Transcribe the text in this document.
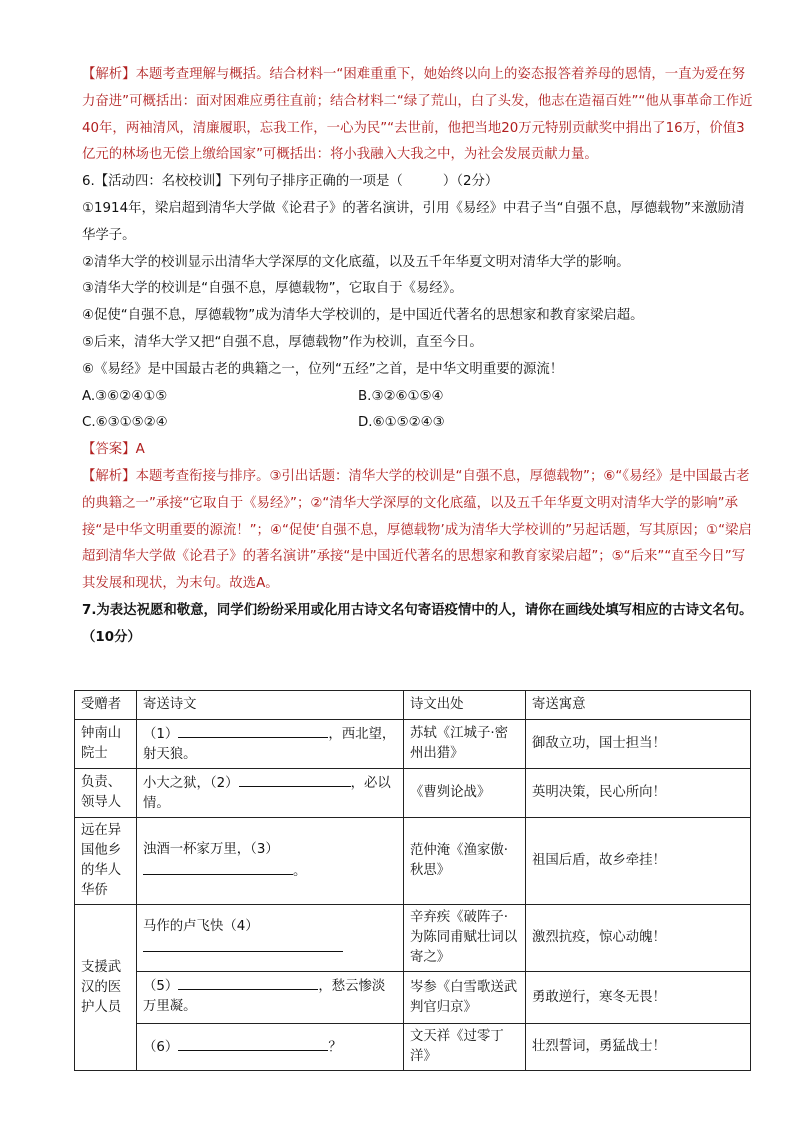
【解析】本题考查理解与概括。结合材料一“困难重重下，她始终以向上的姿态报答着养母的恩情，一直为爱在努力奋进”可概括出：面对困难应勇往直前；结合材料二“绿了荒山，白了头发，他志在造福百姓”“他从事革命工作近40年，两袖清风，清廉履职，忘我工作，一心为民”“去世前，他把当地20万元特别贡献奖中捐出了16万，价值3亿元的林场也无偿上缴给国家”可概括出：将小我融入大我之中，为社会发展贡献力量。

6.【活动四：名校校训】下列句子排序正确的一项是（　　　）（2分）

①1914年，梁启超到清华大学做《论君子》的著名演讲，引用《易经》中君子当“自强不息，厚德载物”来激励清华学子。

②清华大学的校训显示出清华大学深厚的文化底蕴，以及五千年华夏文明对清华大学的影响。

③清华大学的校训是“自强不息，厚德载物”，它取自于《易经》。

④促使“自强不息，厚德载物”成为清华大学校训的，是中国近代著名的思想家和教育家梁启超。

⑤后来，清华大学又把“自强不息，厚德载物”作为校训，直至今日。

⑥《易经》是中国最古老的典籍之一，位列“五经”之首，是中华文明重要的源流！

A.③⑥②④①⑤	B.③②⑥①⑤④
C.⑥③①⑤②④	D.⑥①⑤②④③

【答案】A

【解析】本题考查衔接与排序。③引出话题：清华大学的校训是“自强不息，厚德载物”；⑥“《易经》是中国最古老的典籍之一”承接“它取自于《易经》”；②“清华大学深厚的文化底蕴，以及五千年华夏文明对清华大学的影响”承接“是中华文明重要的源流！”；④“促使‘自强不息，厚德载物’成为清华大学校训的”另起话题，写其原因；①“梁启超到清华大学做《论君子》的著名演讲”承接“是中国近代著名的思想家和教育家梁启超”；⑤“后来”“直至今日”写其发展和现状，为末句。故选A。

7.为表达祝愿和敬意，同学们纷纷采用或化用古诗文名句寄语疫情中的人，请你在画线处填写相应的古诗文名句。（10分）

受赠者	寄送诗文	诗文出处	寄送寓意
钟南山院士	（1） ，西北望，射天狼。	苏轼《江城子·密州出猎》	御敌立功，国士担当！
负责、领导人	小大之狱，（2） ，必以情。	《曹刿论战》	英明决策，民心所向！
远在异国他乡的华人华侨	浊酒一杯家万里，（3）。	范仲淹《渔家傲·秋思》	祖国后盾，故乡牵挂！
支援武汉的医护人员	马作的卢飞快（4）	辛弃疾《破阵子·为陈同甫赋壮词以寄之》	激烈抗疫，惊心动魄！
	（5） ，愁云惨淡万里凝。	岑参《白雪歌送武判官归京》	勇敢逆行，寒冬无畏！
	（6） ？	文天祥《过零丁洋》	壮烈誓词，勇猛战士！
